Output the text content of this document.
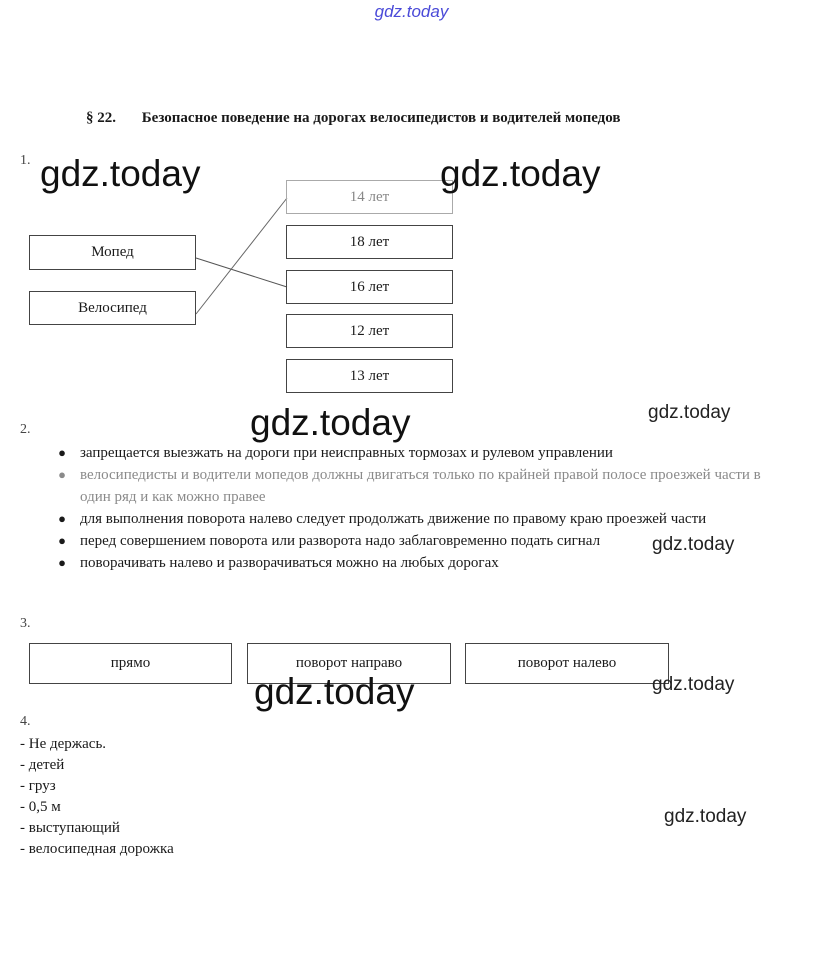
gdz.today
§ 22. Безопасное поведение на дорогах велосипедистов и водителей мопедов
1.
Мопед
Велосипед
14 лет
18 лет
16 лет
12 лет
13 лет
gdz.today	gdz.today
2.
● запрещается выезжать на дороги при неисправных тормозах и рулевом управлении
● велосипедисты и водители мопедов должны двигаться только по крайней правой полосе проезжей части в один ряд и как можно правее
● для выполнения поворота налево следует продолжать движение по правому краю проезжей части
● перед совершением поворота или разворота надо заблаговременно подать сигнал
● поворачивать налево и разворачиваться можно на любых дорогах
gdz.today	gdz.today
gdz.today
3.
прямо	поворот направо	поворот налево
gdz.today	gdz.today
4.
- Не держась.
- детей
- груз
- 0,5 м
- выступающий
- велосипедная дорожка
gdz.today
